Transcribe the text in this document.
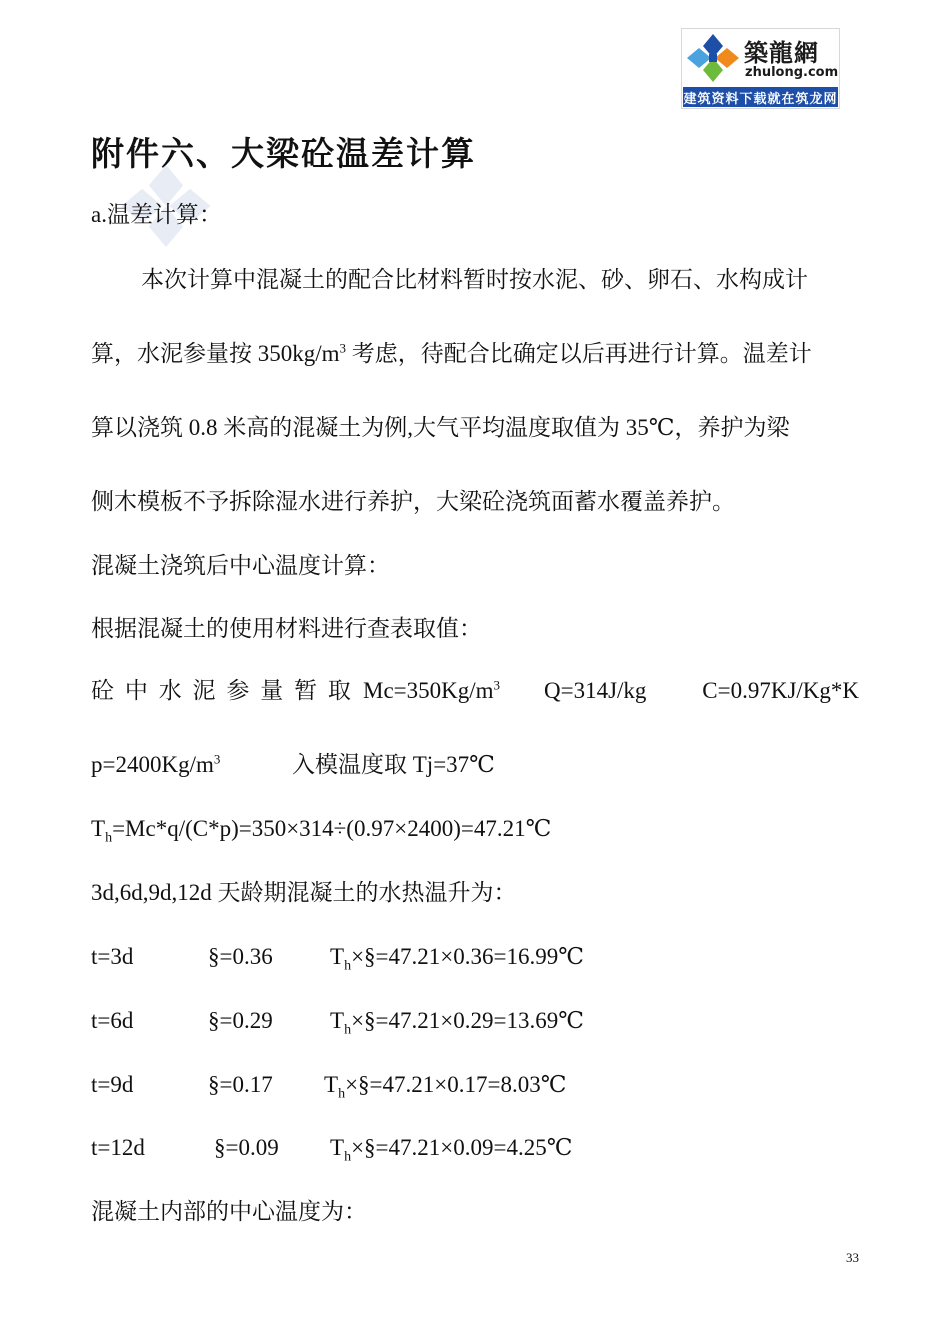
築龍網
zhulong.com
建筑资料下载就在筑龙网
附件六、大梁砼温差计算
a.温差计算：
本次计算中混凝土的配合比材料暂时按水泥、砂、卵石、水构成计
算，水泥参量按 $350kg/m^3$ 考虑，待配合比确定以后再进行计算。温差计
算以浇筑 0.8 米高的混凝土为例,大气平均温度取值为 35℃，养护为梁
侧木模板不予拆除湿水进行养护，大梁砼浇筑面蓄水覆盖养护。
混凝土浇筑后中心温度计算：
根据混凝土的使用材料进行查表取值：
砼 中 水 泥 参 量 暂 取 $Mc=350Kg/m^3$ Q=314J/kg C=0.97KJ/Kg*K
$p=2400Kg/m^3$	入模温度取 Tj=37℃
$T_h=Mc*q/(C*p)=350\times 314\div(0.97\times 2400)=47.21℃$
3d,6d,9d,12d 天龄期混凝土的水热温升为：
t=3d	§=0.36 $T_h\times\S=47.21\times 0.36=16.99℃$
t=6d	§=0.29 $T_h\times\S=47.21\times 0.29=13.69℃$
t=9d	§=0.17 $T_h\times\S=47.21\times 0.17=8.03℃$
t=12d	§=0.09 $T_h\times\S=47.21\times 0.09=4.25℃$
混凝土内部的中心温度为：
33
